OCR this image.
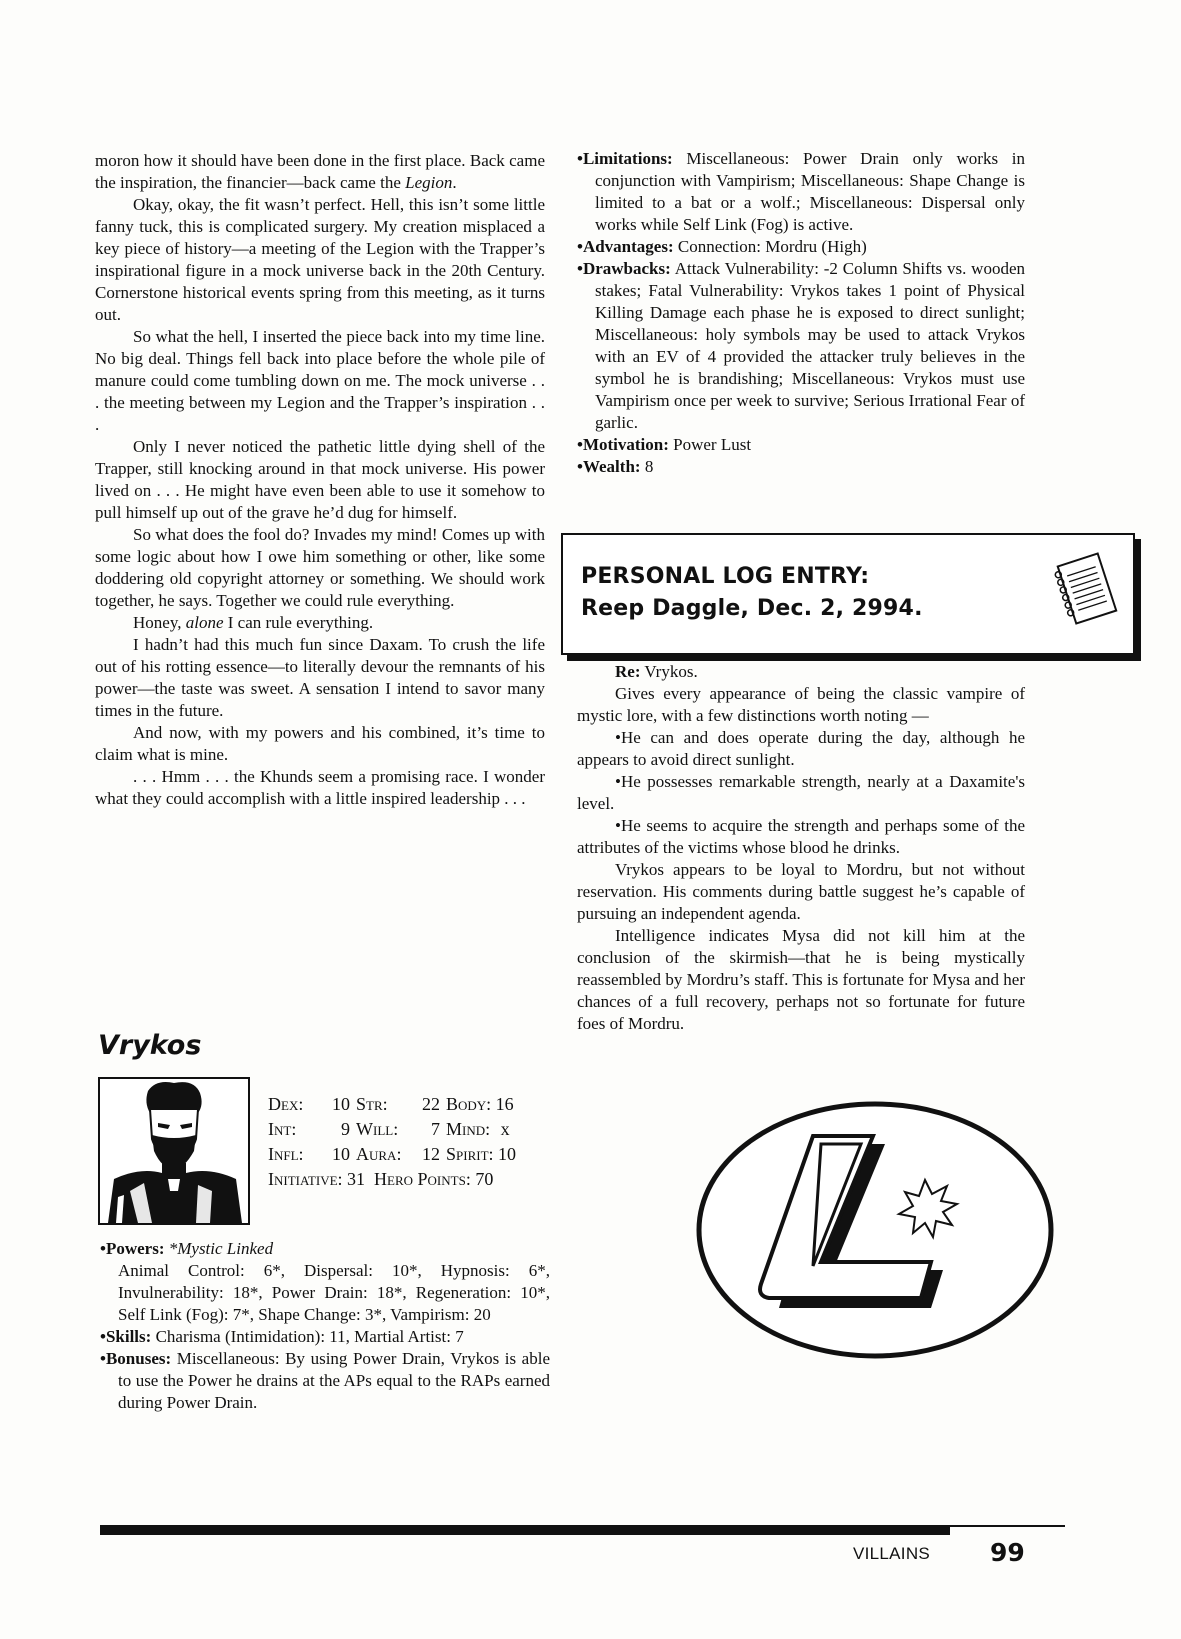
moron how it should have been done in the first place. Back came the inspiration, the financier—back came the Legion.
Okay, okay, the fit wasn’t perfect. Hell, this isn’t some little fanny tuck, this is complicated surgery. My creation misplaced a key piece of history—a meeting of the Legion with the Trapper’s inspirational figure in a mock universe back in the 20th Century. Cornerstone historical events spring from this meeting, as it turns out.
So what the hell, I inserted the piece back into my time line. No big deal. Things fell back into place before the whole pile of manure could come tumbling down on me. The mock universe . . . the meeting between my Legion and the Trapper’s inspiration . . .
Only I never noticed the pathetic little dying shell of the Trapper, still knocking around in that mock universe. His power lived on . . . He might have even been able to use it somehow to pull himself up out of the grave he’d dug for himself.
So what does the fool do? Invades my mind! Comes up with some logic about how I owe him something or other, like some doddering old copyright attorney or something. We should work together, he says. Together we could rule everything.
Honey, alone I can rule everything.
I hadn’t had this much fun since Daxam. To crush the life out of his rotting essence—to literally devour the remnants of his power—the taste was sweet. A sensation I intend to savor many times in the future.
And now, with my powers and his combined, it’s time to claim what is mine.
. . . Hmm . . . the Khunds seem a promising race. I wonder what they could accomplish with a little inspired leadership . . .
•Limitations: Miscellaneous: Power Drain only works in conjunction with Vampirism; Miscellaneous: Shape Change is limited to a bat or a wolf.; Miscellaneous: Dispersal only works while Self Link (Fog) is active.
•Advantages: Connection: Mordru (High)
•Drawbacks: Attack Vulnerability: -2 Column Shifts vs. wooden stakes; Fatal Vulnerability: Vrykos takes 1 point of Physical Killing Damage each phase he is exposed to direct sunlight; Miscellaneous: holy symbols may be used to attack Vrykos with an EV of 4 provided the attacker truly believes in the symbol he is brandishing; Miscellaneous: Vrykos must use Vampirism once per week to survive; Serious Irrational Fear of garlic.
•Motivation: Power Lust
•Wealth: 8
PERSONAL LOG ENTRY:
Reep Daggle, Dec. 2, 2994.
Re: Vrykos.
Gives every appearance of being the classic vampire of mystic lore, with a few distinctions worth noting —
•He can and does operate during the day, although he appears to avoid direct sunlight.
•He possesses remarkable strength, nearly at a Daxamite's level.
•He seems to acquire the strength and perhaps some of the attributes of the victims whose blood he drinks.
Vrykos appears to be loyal to Mordru, but not without reservation. His comments during battle suggest he’s capable of pursuing an independent agenda.
Intelligence indicates Mysa did not kill him at the conclusion of the skirmish—that he is being mystically reassembled by Mordru’s staff. This is fortunate for Mysa and her chances of a full recovery, perhaps not so fortunate for future foes of Mordru.
Vrykos
Dex: 10 Str: 22 Body: 16
Int: 9 Will: 7 Mind: x
Infl: 10 Aura: 12 Spirit: 10
Initiative: 31 Hero Points: 70
•Powers: *Mystic Linked
Animal Control: 6*, Dispersal: 10*, Hypnosis: 6*, Invulnerability: 18*, Power Drain: 18*, Regeneration: 10*, Self Link (Fog): 7*, Shape Change: 3*, Vampirism: 20
•Skills: Charisma (Intimidation): 11, Martial Artist: 7
•Bonuses: Miscellaneous: By using Power Drain, Vrykos is able to use the Power he drains at the APs equal to the RAPs earned during Power Drain.
VILLAINS 99
